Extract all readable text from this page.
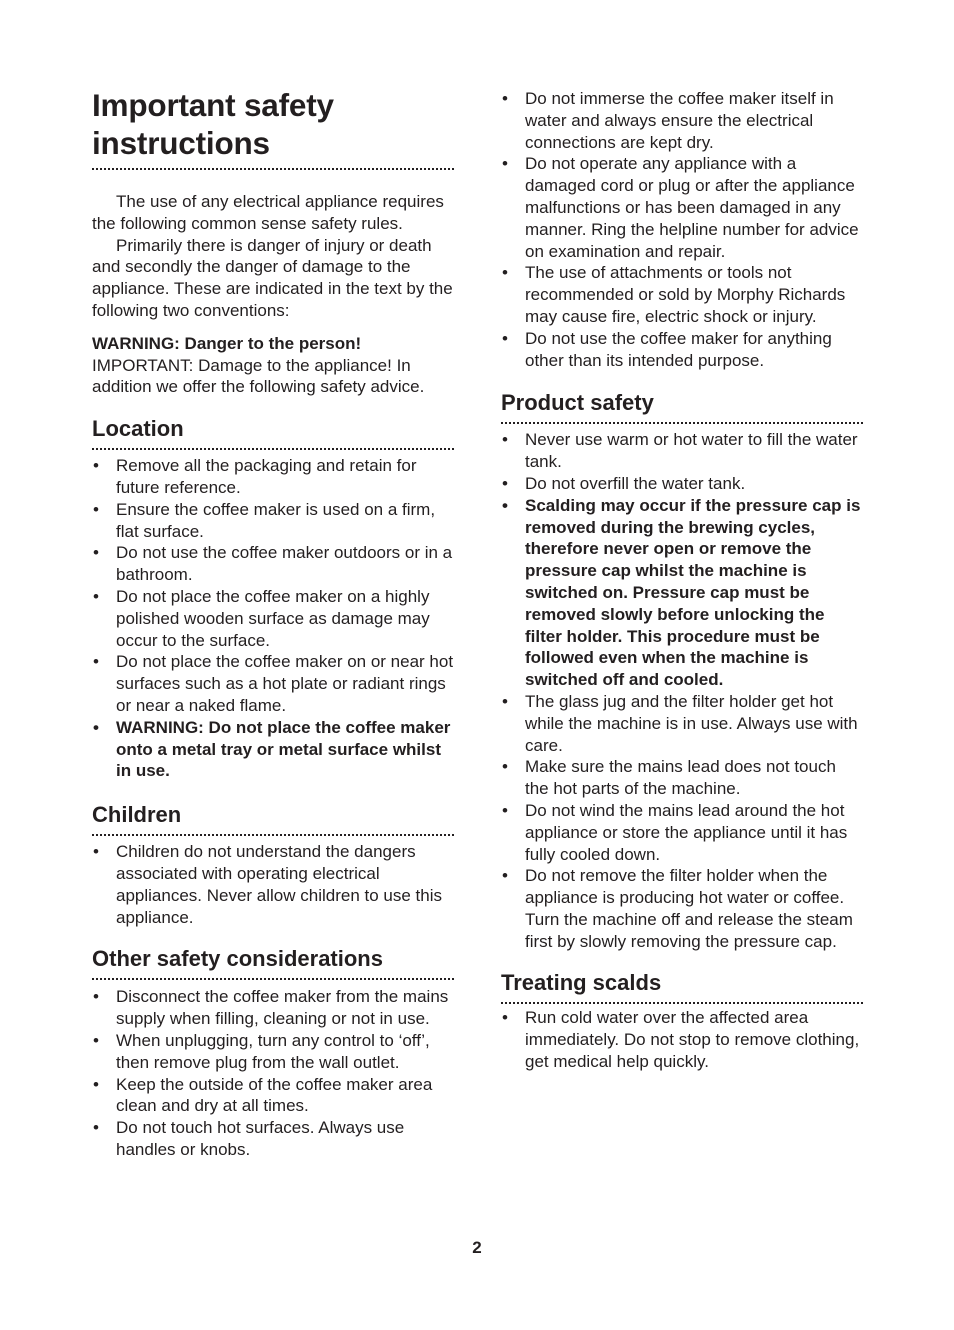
Important safety instructions

The use of any electrical appliance requires the following common sense safety rules.

Primarily there is danger of injury or death and secondly the danger of damage to the appliance. These are indicated in the text by the following two conventions:

WARNING: Danger to the person!

IMPORTANT: Damage to the appliance! In addition we offer the following safety advice.

Location
• Remove all the packaging and retain for future reference.
• Ensure the coffee maker is used on a firm, flat surface.
• Do not use the coffee maker outdoors or in a bathroom.
• Do not place the coffee maker on a highly polished wooden surface as damage may occur to the surface.
• Do not place the coffee maker on or near hot surfaces such as a hot plate or radiant rings or near a naked flame.
• WARNING: Do not place the coffee maker onto a metal tray or metal surface whilst in use.
Children
• Children do not understand the dangers associated with operating electrical appliances. Never allow children to use this appliance.
Other safety considerations
• Disconnect the coffee maker from the mains supply when filling, cleaning or not in use.
• When unplugging, turn any control to ‘off’, then remove plug from the wall outlet.
• Keep the outside of the coffee maker area clean and dry at all times.
• Do not touch hot surfaces. Always use handles or knobs.
• Do not immerse the coffee maker itself in water and always ensure the electrical connections are kept dry.
• Do not operate any appliance with a damaged cord or plug or after the appliance malfunctions or has been damaged in any manner. Ring the helpline number for advice on examination and repair.
• The use of attachments or tools not recommended or sold by Morphy Richards may cause fire, electric shock or injury.
• Do not use the coffee maker for anything other than its intended purpose.
Product safety
• Never use warm or hot water to fill the water tank.
• Do not overfill the water tank.
• Scalding may occur if the pressure cap is removed during the brewing cycles, therefore never open or remove the pressure cap whilst the machine is switched on. Pressure cap must be removed slowly before unlocking the filter holder. This procedure must be followed even when the machine is switched off and cooled.
• The glass jug and the filter holder get hot while the machine is in use. Always use with care.
• Make sure the mains lead does not touch the hot parts of the machine.
• Do not wind the mains lead around the hot appliance or store the appliance until it has fully cooled down.
• Do not remove the filter holder when the appliance is producing hot water or coffee. Turn the machine off and release the steam first by slowly removing the pressure cap.
Treating scalds
• Run cold water over the affected area immediately. Do not stop to remove clothing, get medical help quickly.
2
